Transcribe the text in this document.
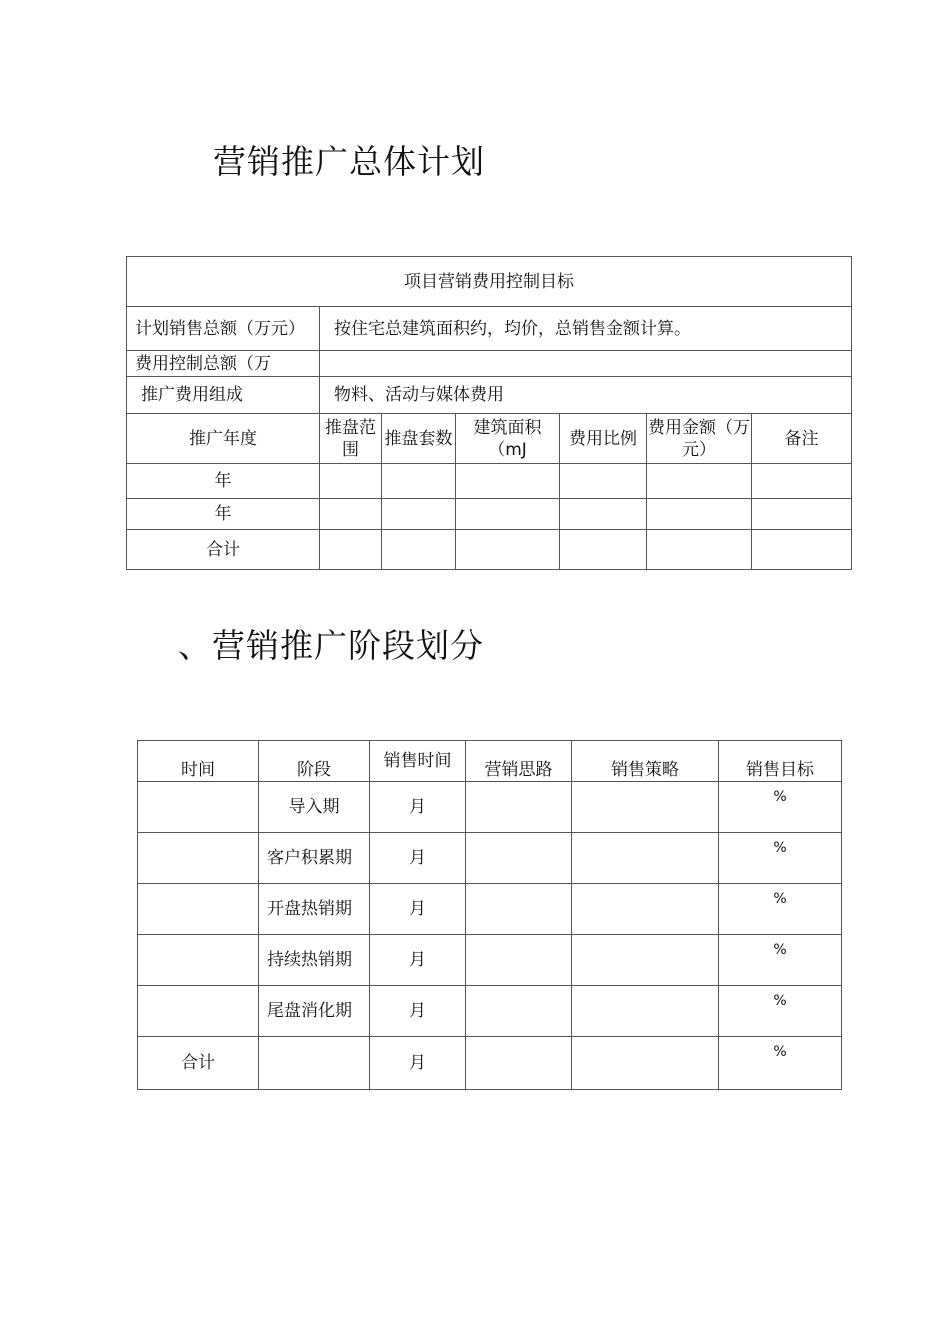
营销推广总体计划
项目营销费用控制目标						
计划销售总额（万元）	按住宅总建筑面积约，均价，总销售金额计算。					
费用控制总额（万						
推广费用组成	物料、活动与媒体费用					
推广年度	推盘范围	推盘套数	建筑面积（mJ	费用比例	费用金额（万元）	备注
年						
年						
合计						
、营销推广阶段划分
时间	阶段	销售时间	营销思路	销售策略	销售目标
	导入期	月			%
	客户积累期	月			%
	开盘热销期	月			%
	持续热销期	月			%
	尾盘消化期	月			%
合计		月			%
